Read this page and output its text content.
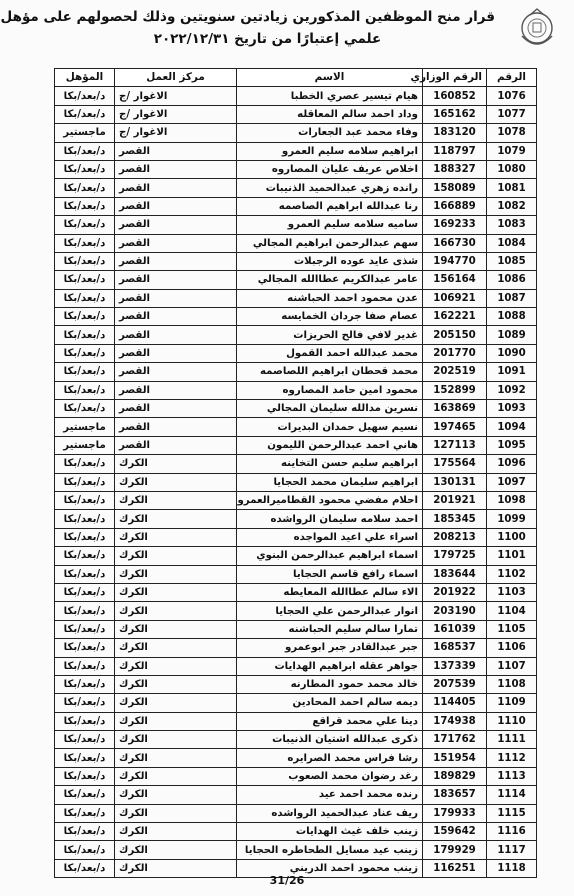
قرار منح الموظفين المذكورين زيادتين سنويتين وذلك لحصولهم على مؤهل
علمي إعتبارًا من تاريخ ٢٠٢٢/١٢/٣١
الرقم	الرقم الوزاري	الاسم	مركز العمل	المؤهل
1076	160852	هيام تيسير عصري الخطبا	الاغوار /ج	د/بعد/بكا
1077	165162	وداد احمد سالم المعاقله	الاغوار /ج	د/بعد/بكا
1078	183120	وفاء محمد عبد الجعارات	الاغوار /ج	ماجستير
1079	118797	ابراهيم سلامه سليم العمرو	القصر	د/بعد/بكا
1080	188327	اخلاص عريف عليان المصاروه	القصر	د/بعد/بكا
1081	158089	رانده زهري عبدالحميد الذنيبات	القصر	د/بعد/بكا
1082	166889	رنا عبدالله ابراهيم الصاصمه	القصر	د/بعد/بكا
1083	169233	ساميه سلامه سليم العمرو	القصر	د/بعد/بكا
1084	166730	سهم عبدالرحمن ابراهيم المجالي	القصر	د/بعد/بكا
1085	194770	شذى عايد عوده الرجبلات	القصر	د/بعد/بكا
1086	156164	عامر عبدالكريم عطاالله المجالي	القصر	د/بعد/بكا
1087	106921	عدن محمود احمد الحباشنه	القصر	د/بعد/بكا
1088	162221	عصام صفا جردان الخمايسه	القصر	د/بعد/بكا
1089	205150	غدير لافي فالح الحريزات	القصر	د/بعد/بكا
1090	201770	محمد عبدالله احمد القمول	القصر	د/بعد/بكا
1091	202519	محمد قحطان ابراهيم اللصاصمه	القصر	د/بعد/بكا
1092	152899	محمود امين حامد المصاروه	القصر	د/بعد/بكا
1093	163869	نسرين مدالله سليمان المجالي	القصر	د/بعد/بكا
1094	197465	نسيم سهيل حمدان البديرات	القصر	ماجستير
1095	127113	هاني احمد عبدالرحمن الليمون	القصر	ماجستير
1096	175564	ابراهيم سليم حسن التخاينه	الكرك	د/بعد/بكا
1097	130131	ابراهيم سليمان محمد الحجايا	الكرك	د/بعد/بكا
1098	201921	احلام مفضي محمود القطاميرالعمرو	الكرك	د/بعد/بكا
1099	185345	احمد سلامه سليمان الرواشده	الكرك	د/بعد/بكا
1100	208213	اسراء علي اعيد المواجده	الكرك	د/بعد/بكا
1101	179725	اسماء ابراهيم عبدالرحمن البنوي	الكرك	د/بعد/بكا
1102	183644	اسماء رافع قاسم الحجايا	الكرك	د/بعد/بكا
1103	201922	الاء سالم عطاالله المعايطه	الكرك	د/بعد/بكا
1104	203190	انوار عبدالرحمن علي الحجايا	الكرك	د/بعد/بكا
1105	161039	تمارا سالم سليم الحباشنه	الكرك	د/بعد/بكا
1106	168537	جبر عبدالقادر جبر ابوعمرو	الكرك	د/بعد/بكا
1107	137339	جواهر عقله ابراهيم الهدايات	الكرك	د/بعد/بكا
1108	207539	خالد محمد حمود المطارنه	الكرك	د/بعد/بكا
1109	114405	ديمه سالم احمد المحادين	الكرك	د/بعد/بكا
1110	174938	دينا علي محمد قراقع	الكرك	د/بعد/بكا
1111	171762	ذكرى عبدالله اشتيان الذنيبات	الكرك	د/بعد/بكا
1112	151954	رشا فراس محمد الصرايره	الكرك	د/بعد/بكا
1113	189829	رغد رضوان محمد الصعوب	الكرك	د/بعد/بكا
1114	183657	رنده محمد احمد عيد	الكرك	د/بعد/بكا
1115	179933	ريف عناد عبدالحميد الرواشده	الكرك	د/بعد/بكا
1116	159642	زينب خلف غيث الهدايات	الكرك	د/بعد/بكا
1117	179929	زينب عيد مسايل الطحاطره الحجايا	الكرك	د/بعد/بكا
1118	116251	زينب محمود احمد الدريني	الكرك	د/بعد/بكا
31/26
